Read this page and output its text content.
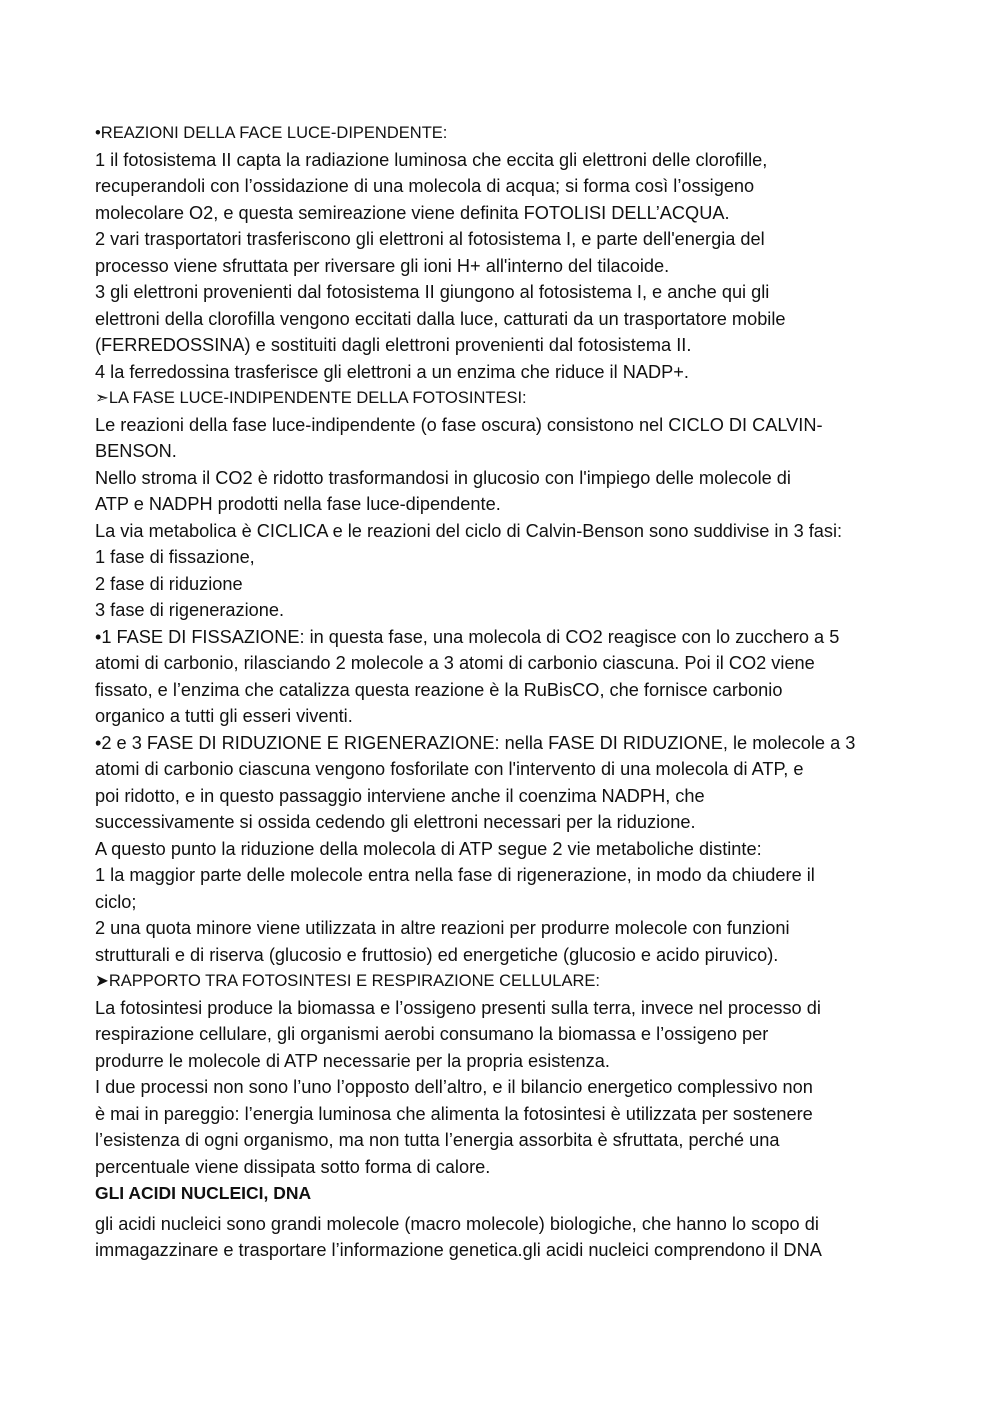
•REAZIONI DELLA FACE LUCE-DIPENDENTE:

1 il fotosistema II capta la radiazione luminosa che eccita gli elettroni delle clorofille,

recuperandoli con l’ossidazione di una molecola di acqua; si forma così l’ossigeno

molecolare O2, e questa semireazione viene definita FOTOLISI DELL’ACQUA.

2 vari trasportatori trasferiscono gli elettroni al fotosistema I, e parte dell'energia del

processo viene sfruttata per riversare gli ioni H+ all'interno del tilacoide.

3 gli elettroni provenienti dal fotosistema II giungono al fotosistema I, e anche qui gli

elettroni della clorofilla vengono eccitati dalla luce, catturati da un trasportatore mobile

(FERREDOSSINA) e sostituiti dagli elettroni provenienti dal fotosistema II.

4 la ferredossina trasferisce gli elettroni a un enzima che riduce il NADP+.

➣LA FASE LUCE-INDIPENDENTE DELLA FOTOSINTESI:

Le reazioni della fase luce-indipendente (o fase oscura) consistono nel CICLO DI CALVIN-

BENSON.

Nello stroma il CO2 è ridotto trasformandosi in glucosio con l'impiego delle molecole di

ATP e NADPH prodotti nella fase luce-dipendente.

La via metabolica è CICLICA e le reazioni del ciclo di Calvin-Benson sono suddivise in 3 fasi:

1 fase di fissazione,

2 fase di riduzione

3 fase di rigenerazione.

•1 FASE DI FISSAZIONE: in questa fase, una molecola di CO2 reagisce con lo zucchero a 5

atomi di carbonio, rilasciando 2 molecole a 3 atomi di carbonio ciascuna. Poi il CO2 viene

fissato, e l’enzima che catalizza questa reazione è la RuBisCO, che fornisce carbonio

organico a tutti gli esseri viventi.

•2 e 3 FASE DI RIDUZIONE E RIGENERAZIONE: nella FASE DI RIDUZIONE, le molecole a 3

atomi di carbonio ciascuna vengono fosforilate con l'intervento di una molecola di ATP, e

poi ridotto, e in questo passaggio interviene anche il coenzima NADPH, che

successivamente si ossida cedendo gli elettroni necessari per la riduzione.

A questo punto la riduzione della molecola di ATP segue 2 vie metaboliche distinte:

1 la maggior parte delle molecole entra nella fase di rigenerazione, in modo da chiudere il

ciclo;

2 una quota minore viene utilizzata in altre reazioni per produrre molecole con funzioni

strutturali e di riserva (glucosio e fruttosio) ed energetiche (glucosio e acido piruvico).

➤RAPPORTO TRA FOTOSINTESI E RESPIRAZIONE CELLULARE:

La fotosintesi produce la biomassa e l’ossigeno presenti sulla terra, invece nel processo di

respirazione cellulare, gli organismi aerobi consumano la biomassa e l’ossigeno per

produrre le molecole di ATP necessarie per la propria esistenza.

I due processi non sono l’uno l’opposto dell’altro, e il bilancio energetico complessivo non

è mai in pareggio: l’energia luminosa che alimenta la fotosintesi è utilizzata per sostenere

l’esistenza di ogni organismo, ma non tutta l’energia assorbita è sfruttata, perché una

percentuale viene dissipata sotto forma di calore.

GLI ACIDI NUCLEICI, DNA

gli acidi nucleici sono grandi molecole (macro molecole) biologiche, che hanno lo scopo di

immagazzinare e trasportare l’informazione genetica.gli acidi nucleici comprendono il DNA
